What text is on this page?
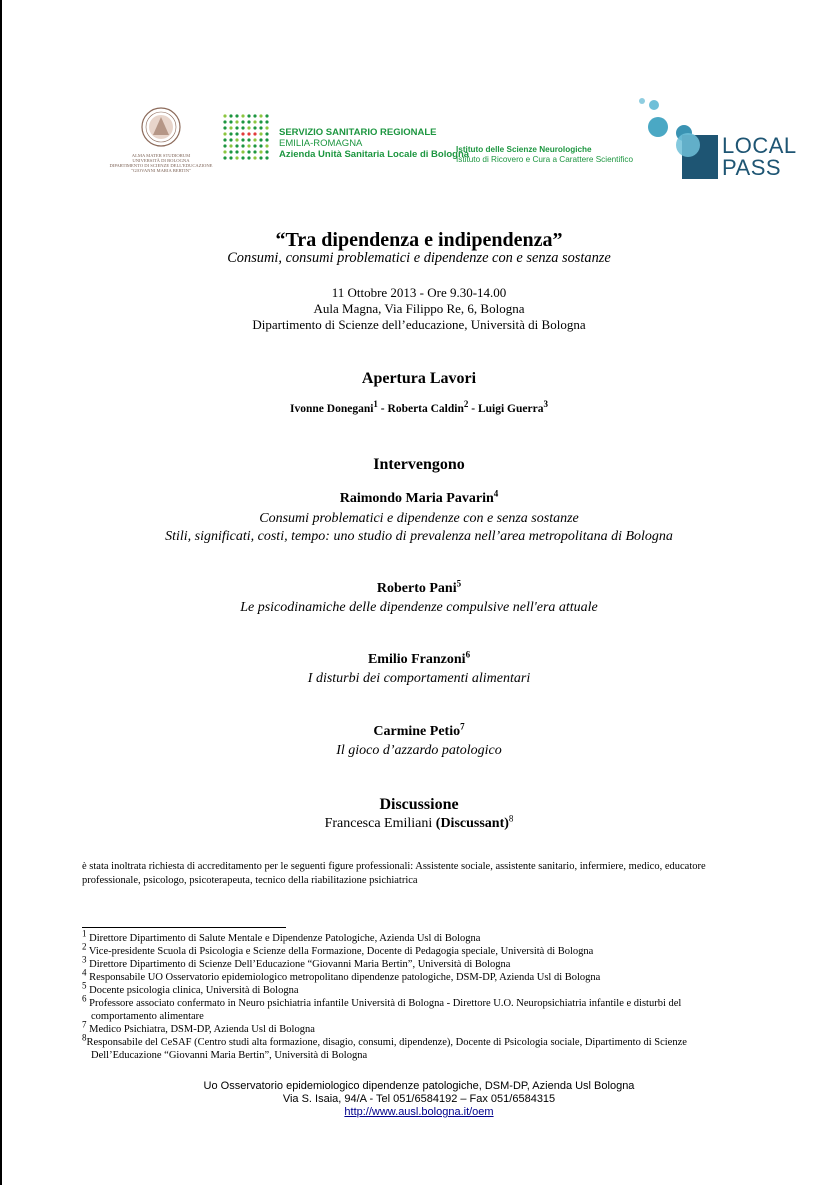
ALMA MATER STUDIORUM
UNIVERSITÀ DI BOLOGNA
DIPARTIMENTO DI SCIENZE DELL'EDUCAZIONE
"GIOVANNI MARIA BERTIN"
SERVIZIO SANITARIO REGIONALE
EMILIA-ROMAGNA
Azienda Unità Sanitaria Locale di Bologna
Istituto delle Scienze Neurologiche
Istituto di Ricovero e Cura a Carattere Scientifico
LOCAL
PASS
“Tra dipendenza e indipendenza”
Consumi, consumi problematici e dipendenze con e senza sostanze
11 Ottobre 2013 - Ore 9.30-14.00
Aula Magna, Via Filippo Re, 6, Bologna
Dipartimento di Scienze dell’educazione, Università di Bologna
Apertura Lavori
Ivonne Donegani$^1$ - Roberta Caldin$^2$ - Luigi Guerra$^3$
Intervengono
Raimondo Maria Pavarin$^4$
Consumi problematici e dipendenze con e senza sostanze
Stili, significati, costi, tempo: uno studio di prevalenza nell’area metropolitana di Bologna
Roberto Pani$^5$
Le psicodinamiche delle dipendenze compulsive nell'era attuale
Emilio Franzoni$^6$
I disturbi dei comportamenti alimentari
Carmine Petio$^7$
Il gioco d’azzardo patologico
Discussione
Francesca Emiliani (Discussant)$^8$
è stata inoltrata richiesta di accreditamento per le seguenti figure professionali: Assistente sociale, assistente sanitario, infermiere, medico, educatore professionale, psicologo, psicoterapeuta, tecnico della riabilitazione psichiatrica

$^1$ Direttore Dipartimento di Salute Mentale e Dipendenze Patologiche, Azienda Usl di Bologna

$^2$ Vice-presidente Scuola di Psicologia e Scienze della Formazione, Docente di Pedagogia speciale, Università di Bologna

$^3$ Direttore Dipartimento di Scienze Dell’Educazione “Giovanni Maria Bertin”, Università di Bologna

$^4$ Responsabile UO Osservatorio epidemiologico metropolitano dipendenze patologiche, DSM-DP, Azienda Usl di Bologna

$^5$ Docente psicologia clinica, Università di Bologna

$^6$ Professore associato confermato in Neuro psichiatria infantile Università di Bologna - Direttore U.O. Neuropsichiatria infantile e disturbi del

comportamento alimentare

$^7$ Medico Psichiatra, DSM-DP, Azienda Usl di Bologna

$^8$Responsabile del CeSAF (Centro studi alta formazione, disagio, consumi, dipendenze), Docente di Psicologia sociale, Dipartimento di Scienze

Dell’Educazione “Giovanni Maria Bertin”, Università di Bologna

Uo Osservatorio epidemiologico dipendenze patologiche, DSM-DP, Azienda Usl Bologna
Via S. Isaia, 94/A - Tel 051/6584192 – Fax 051/6584315
http://www.ausl.bologna.it/oem
